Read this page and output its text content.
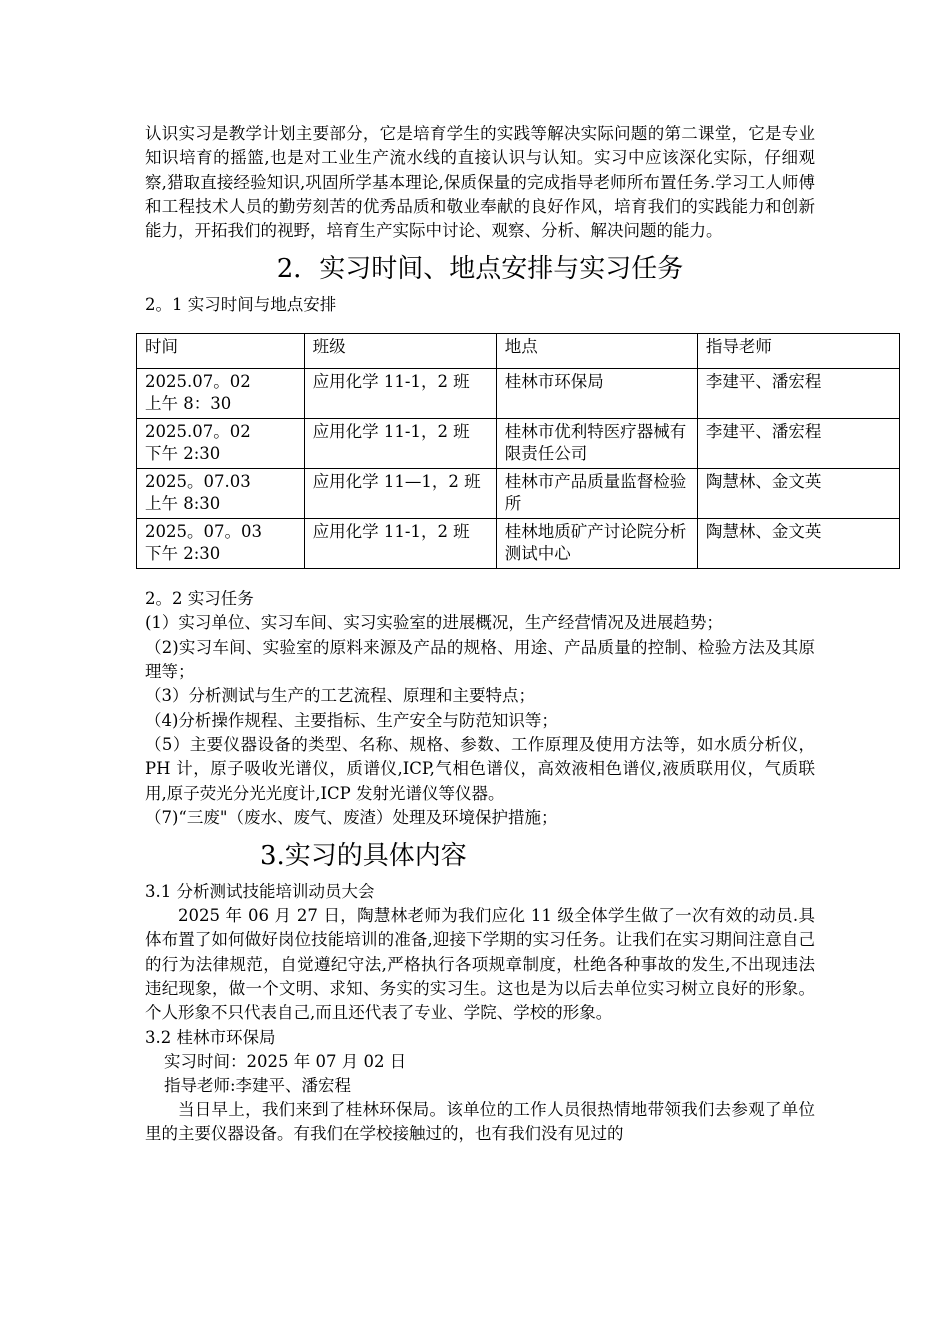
认识实习是教学计划主要部分，它是培育学生的实践等解决实际问题的第二课堂，它是专业知识培育的摇篮,也是对工业生产流水线的直接认识与认知。实习中应该深化实际，仔细观察,猎取直接经验知识,巩固所学基本理论,保质保量的完成指导老师所布置任务.学习工人师傅和工程技术人员的勤劳刻苦的优秀品质和敬业奉献的良好作风，培育我们的实践能力和创新能力，开拓我们的视野，培育生产实际中讨论、观察、分析、解决问题的能力。

2．实习时间、地点安排与实习任务

2。1 实习时间与地点安排

时间	班级	地点	指导老师
2025.07。02
上午 8：30	应用化学 11-1，2 班	桂林市环保局	李建平、潘宏程
2025.07。02
下午 2:30	应用化学 11-1，2 班	桂林市优利特医疗器械有限责任公司	李建平、潘宏程
2025。07.03
上午 8:30	应用化学 11—1，2 班	桂林市产品质量监督检验所	陶慧林、金文英
2025。07。03
下午 2:30	应用化学 11-1，2 班	桂林地质矿产讨论院分析测试中心	陶慧林、金文英

2。2 实习任务

(1）实习单位、实习车间、实习实验室的进展概况，生产经营情况及进展趋势；

（2)实习车间、实验室的原料来源及产品的规格、用途、产品质量的控制、检验方法及其原理等；

（3）分析测试与生产的工艺流程、原理和主要特点；

（4)分析操作规程、主要指标、生产安全与防范知识等；

（5）主要仪器设备的类型、名称、规格、参数、工作原理及使用方法等，如水质分析仪，PH 计，原子吸收光谱仪，质谱仪,ICP,气相色谱仪，高效液相色谱仪,液质联用仪，气质联用,原子荧光分光光度计,ICP 发射光谱仪等仪器。

（7)“三废"（废水、废气、废渣）处理及环境保护措施；

3.实习的具体内容

3.1 分析测试技能培训动员大会

2025 年 06 月 27 日，陶慧林老师为我们应化 11 级全体学生做了一次有效的动员.具体布置了如何做好岗位技能培训的准备,迎接下学期的实习任务。让我们在实习期间注意自己的行为法律规范，自觉遵纪守法,严格执行各项规章制度，杜绝各种事故的发生,不出现违法违纪现象，做一个文明、求知、务实的实习生。这也是为以后去单位实习树立良好的形象。个人形象不只代表自己,而且还代表了专业、学院、学校的形象。

3.2 桂林市环保局

实习时间：2025 年 07 月 02 日

指导老师:李建平、潘宏程

当日早上，我们来到了桂林环保局。该单位的工作人员很热情地带领我们去参观了单位里的主要仪器设备。有我们在学校接触过的，也有我们没有见过的
